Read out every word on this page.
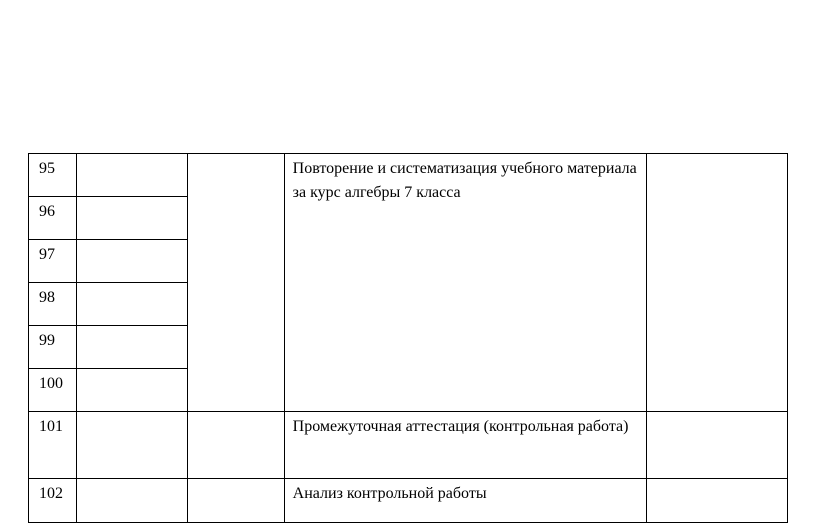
95			Повторение и систематизация учебного материала за курс алгебры 7 класса	

96				

97				

98				

99				

100				

101			Промежуточная аттестация (контрольная работа)	

102			Анализ контрольной работы	
